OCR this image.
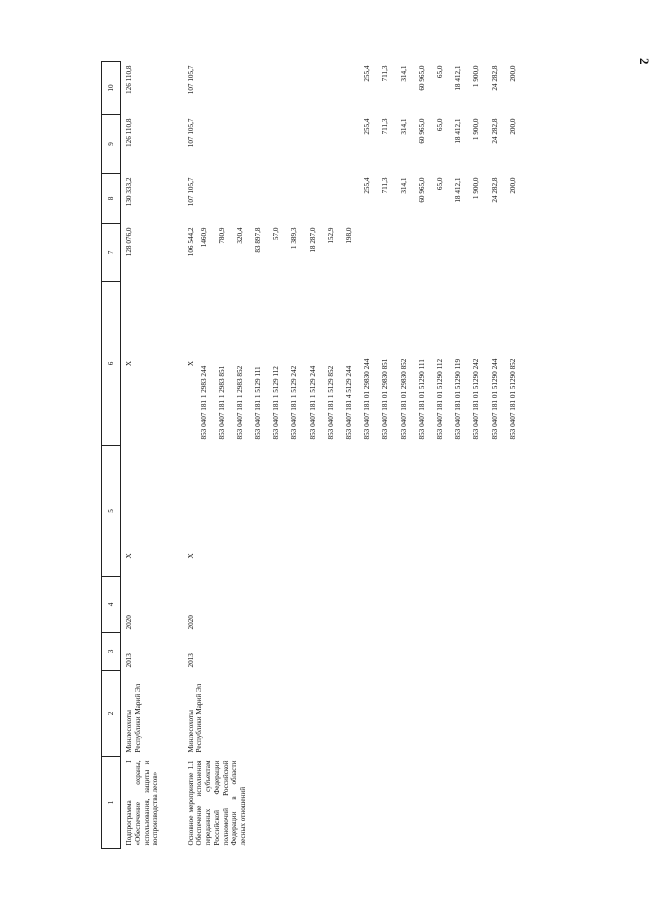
2
1	2	3	4	5	6	7	8	9	10
Подпрограмма I «Обеспечение охраны, использования, защиты и воспроизводства лесов»	Минлесохоты Республики Марий Эл	2013	2020	X	X	128 076,0	130 333,2	126 110,8	126 110,8
Основное мероприятие 1.1 Обеспечение исполнения переданных субъектам Российской Федерации полномочий Российской Федерации в области лесных отношений	Минлесохоты Республики Марий Эл	2013	2020	X	X	106 544,2	107 105,7	107 105,7	107 105,7
					853 0407 181 1 2983 244	1460,9			
					853 0407 181 1 2983 851	780,9			
					853 0407 181 1 2983 852	320,4			
					853 0407 181 1 5129 111	83 897,8			
					853 0407 181 1 5129 112	57,0			
					853 0407 181 1 5129 242	1 389,3			
					853 0407 181 1 5129 244	18 287,0			
					853 0407 181 1 5129 852	152,9			
					853 0407 181 4 5129 244	198,0			
					853 0407 181 01 29830 244		255,4	255,4	255,4
					853 0407 181 01 29830 851		711,3	711,3	711,3
					853 0407 181 01 29830 852		314,1	314,1	314,1
					853 0407 181 01 51290 111		60 965,0	60 965,0	60 965,0
					853 0407 181 01 51290 112		65,0	65,0	65,0
					853 0407 181 01 51290 119		18 412,1	18 412,1	18 412,1
					853 0407 181 01 51290 242		1 900,0	1 900,0	1 900,0
					853 0407 181 01 51290 244		24 282,8	24 282,8	24 282,8
					853 0407 181 01 51290 852		200,0	200,0	200,0
